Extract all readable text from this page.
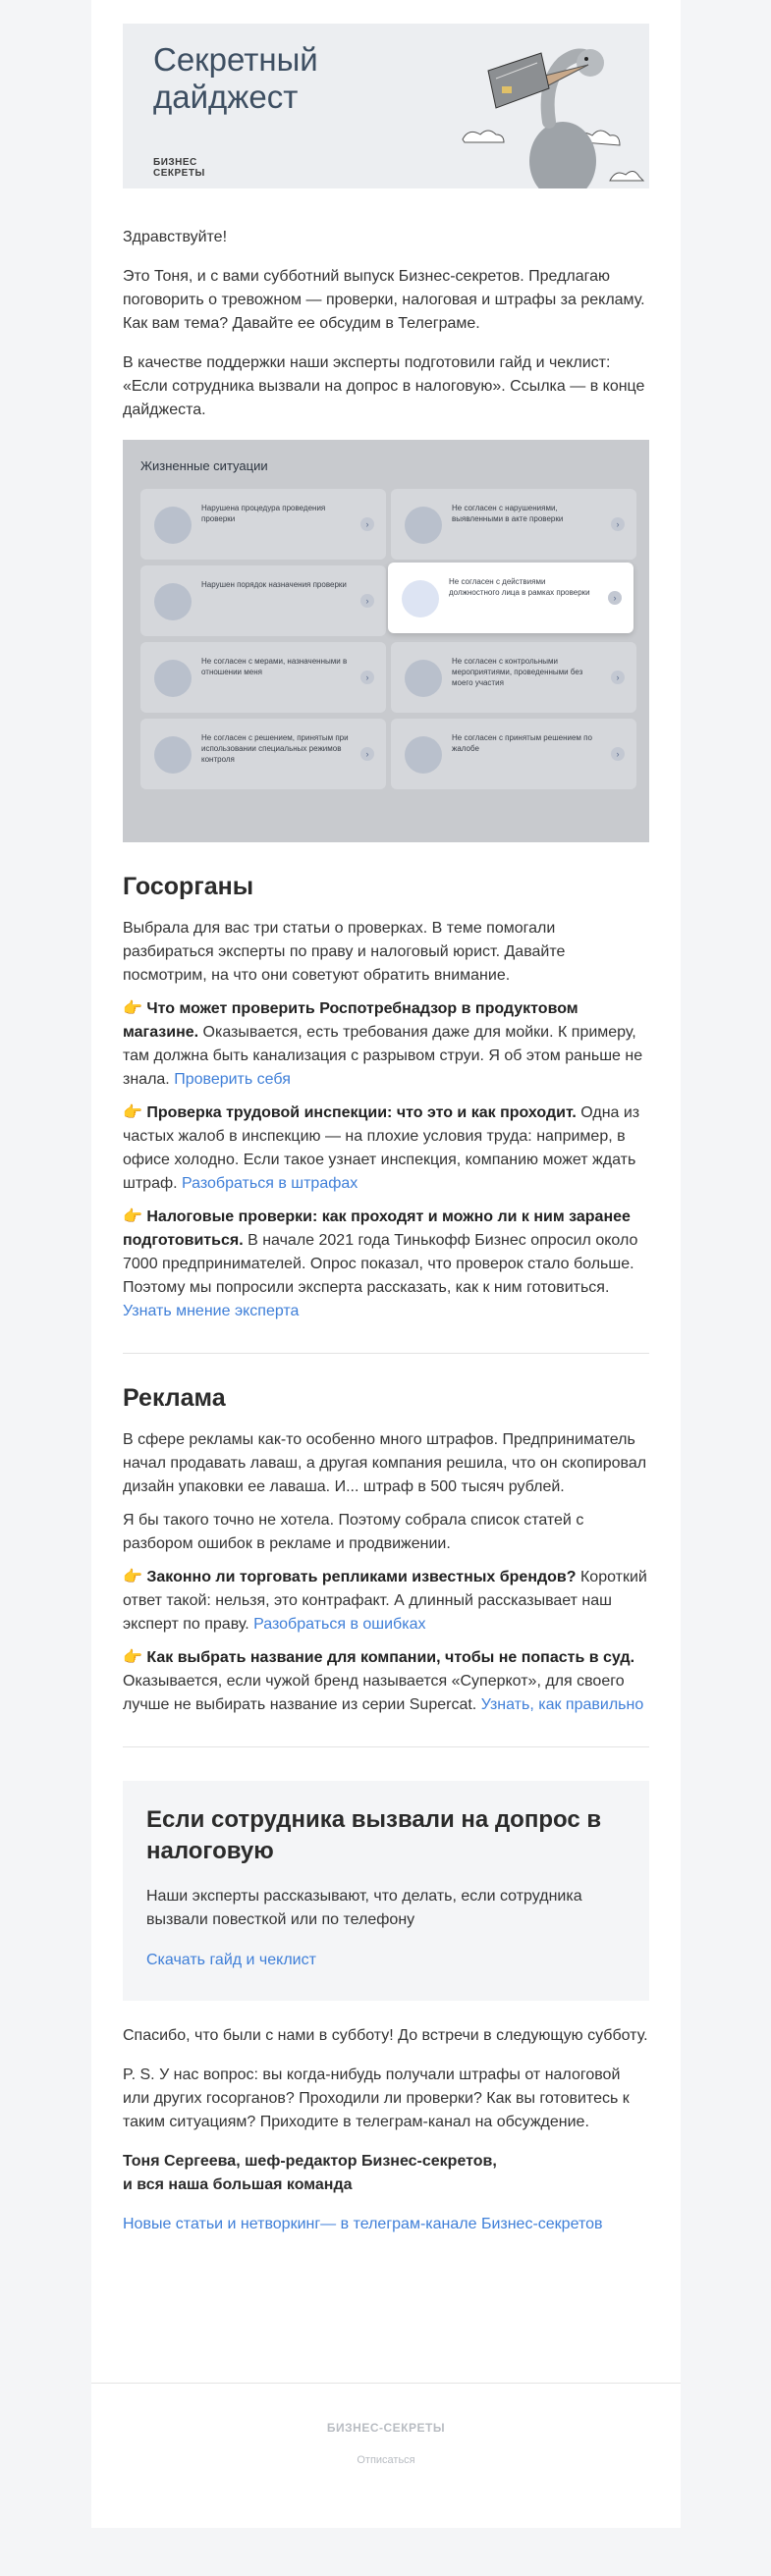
Секретный
дайджест
БИЗНЕС
СЕКРЕТЫ

Здравствуйте!

Это Тоня, и с вами субботний выпуск Бизнес-секретов. Предлагаю поговорить о тревожном — проверки, налоговая и штрафы за рекламу. Как вам тема? Давайте ее обсудим в Телеграме.

В качестве поддержки наши эксперты подготовили гайд и чеклист: «Если сотрудника вызвали на допрос в налоговую». Ссылка — в конце дайджеста.

Жизненные ситуации
Нарушена процедура проведения проверки
›
Не согласен с нарушениями, выявленными в акте проверки
›
Нарушен порядок назначения проверки
›
Не согласен с действиями должностного лица в рамках проверки
›
Не согласен с мерами, назначенными в отношении меня
›
Не согласен с контрольными мероприятиями, проведенными без моего участия
›
Не согласен с решением, принятым при использовании специальных режимов контроля
›
Не согласен с принятым решением по жалобе
›
Госорганы

Выбрала для вас три статьи о проверках. В теме помогали разбираться эксперты по праву и налоговый юрист. Давайте посмотрим, на что они советуют обратить внимание.

👉 Что может проверить Роспотребнадзор в продуктовом магазине. Оказывается, есть требования даже для мойки. К примеру, там должна быть канализация с разрывом струи. Я об этом раньше не знала. Проверить себя
👉 Проверка трудовой инспекции: что это и как проходит. Одна из частых жалоб в инспекцию — на плохие условия труда: например, в офисе холодно. Если такое узнает инспекция, компанию может ждать штраф. Разобраться в штрафах
👉 Налоговые проверки: как проходят и можно ли к ним заранее подготовиться. В начале 2021 года Тинькофф Бизнес опросил около 7000 предпринимателей. Опрос показал, что проверок стало больше. Поэтому мы попросили эксперта рассказать, как к ним готовиться. Узнать мнение эксперта
Реклама

В сфере рекламы как-то особенно много штрафов. Предприниматель начал продавать лаваш, а другая компания решила, что он скопировал дизайн упаковки ее лаваша. И... штраф в 500 тысяч рублей.

Я бы такого точно не хотела. Поэтому собрала список статей с разбором ошибок в рекламе и продвижении.

👉 Законно ли торговать репликами известных брендов? Короткий ответ такой: нельзя, это контрафакт. А длинный рассказывает наш эксперт по праву. Разобраться в ошибках
👉 Как выбрать название для компании, чтобы не попасть в суд. Оказывается, если чужой бренд называется «Суперкот», для своего лучше не выбирать название из серии Supercat. Узнать, как правильно
Если сотрудника вызвали на допрос в налоговую

Наши эксперты рассказывают, что делать, если сотрудника вызвали повесткой или по телефону

Скачать гайд и чеклист

Спасибо, что были с нами в субботу! До встречи в следующую субботу.

P. S. У нас вопрос: вы когда-нибудь получали штрафы от налоговой или других госорганов? Проходили ли проверки? Как вы готовитесь к таким ситуациям? Приходите в телеграм-канал на обсуждение.

Тоня Сергеева, шеф-редактор Бизнес-секретов,
и вся наша большая команда
Новые статьи и нетворкинг— в телеграм-канале Бизнес-секретов
БИЗНЕС-СЕКРЕТЫ
Отписаться
